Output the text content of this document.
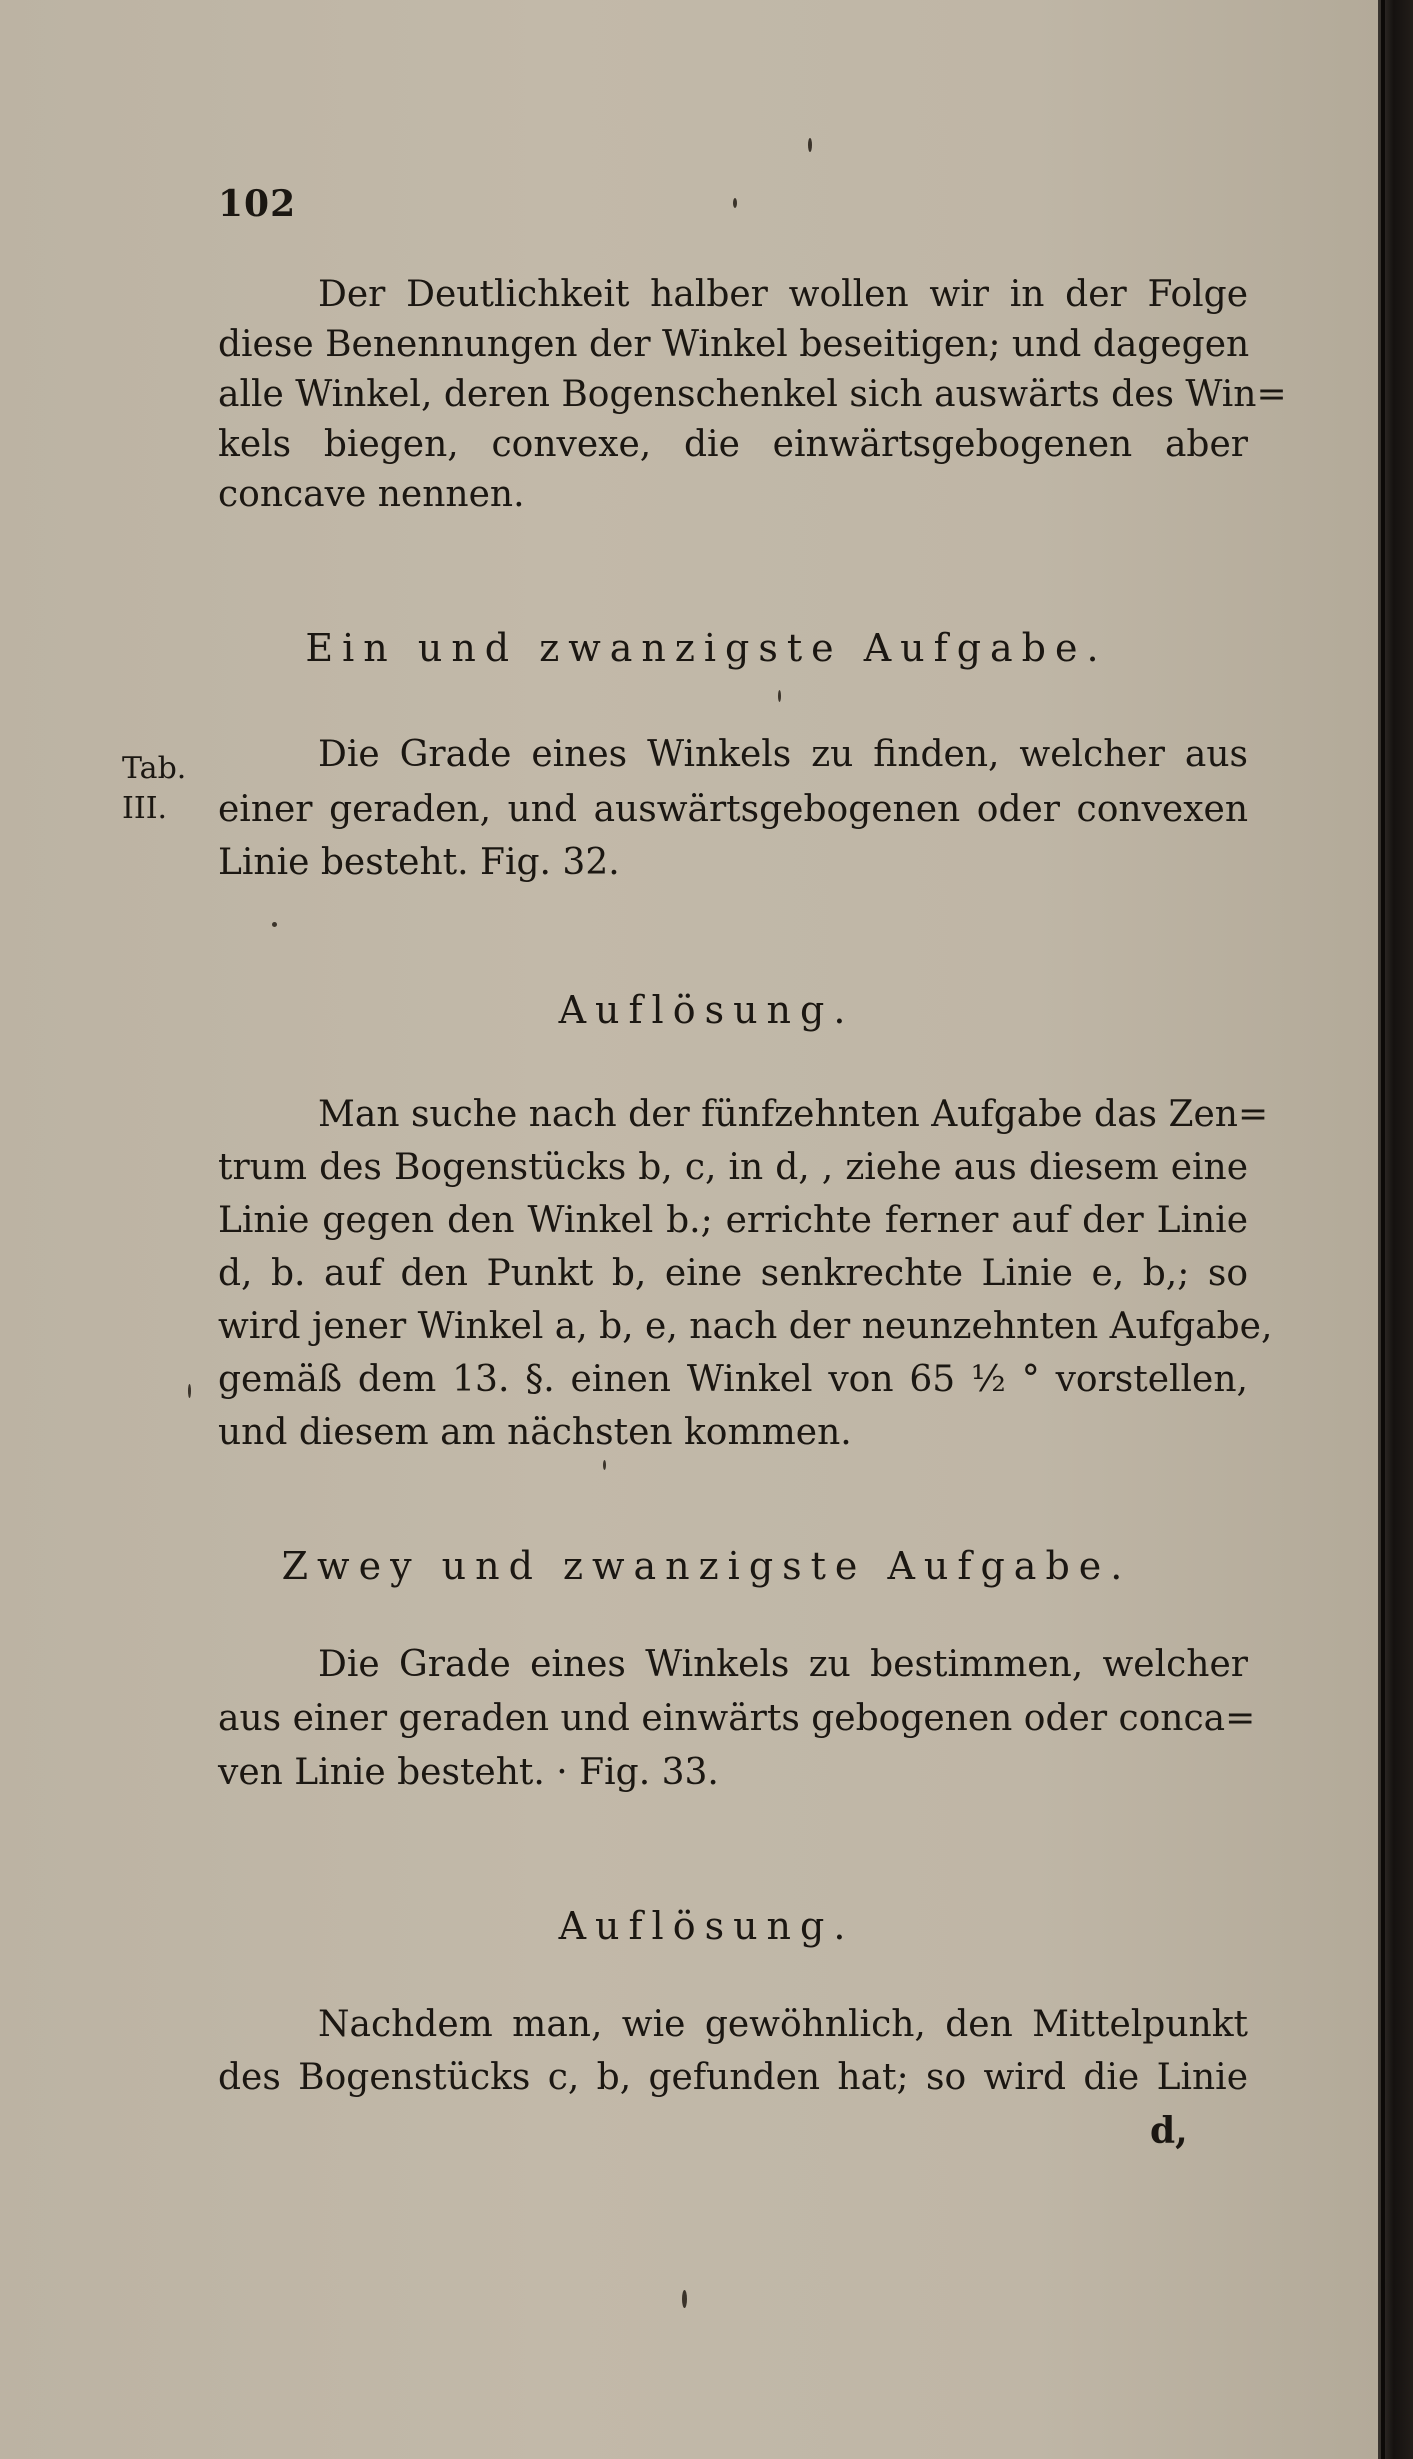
102
Der Deutlichkeit halber wollen wir in der Folge
diese Benennungen der Winkel beseitigen; und dagegen
alle Winkel, deren Bogenschenkel sich auswärts des Win=
kels biegen, convexe, die einwärtsgebogenen aber
concave nennen.
Ein und zwanzigste Aufgabe.
Tab.
III.
Die Grade eines Winkels zu finden, welcher aus
einer geraden, und auswärtsgebogenen oder convexen
Linie besteht. Fig. 32.
Auflösung.
Man suche nach der fünfzehnten Aufgabe das Zen=
trum des Bogenstücks b, c, in d, , ziehe aus diesem eine
Linie gegen den Winkel b.; errichte ferner auf der Linie
d, b. auf den Punkt b, eine senkrechte Linie e, b,; so
wird jener Winkel a, b, e, nach der neunzehnten Aufgabe,
gemäß dem 13. §. einen Winkel von 65 ½ ° vorstellen,
und diesem am nächsten kommen.
Zwey und zwanzigste Aufgabe.
Die Grade eines Winkels zu bestimmen, welcher
aus einer geraden und einwärts gebogenen oder conca=
ven Linie besteht. · Fig. 33.
Auflösung.
Nachdem man, wie gewöhnlich, den Mittelpunkt
des Bogenstücks c, b, gefunden hat; so wird die Linie
d,
